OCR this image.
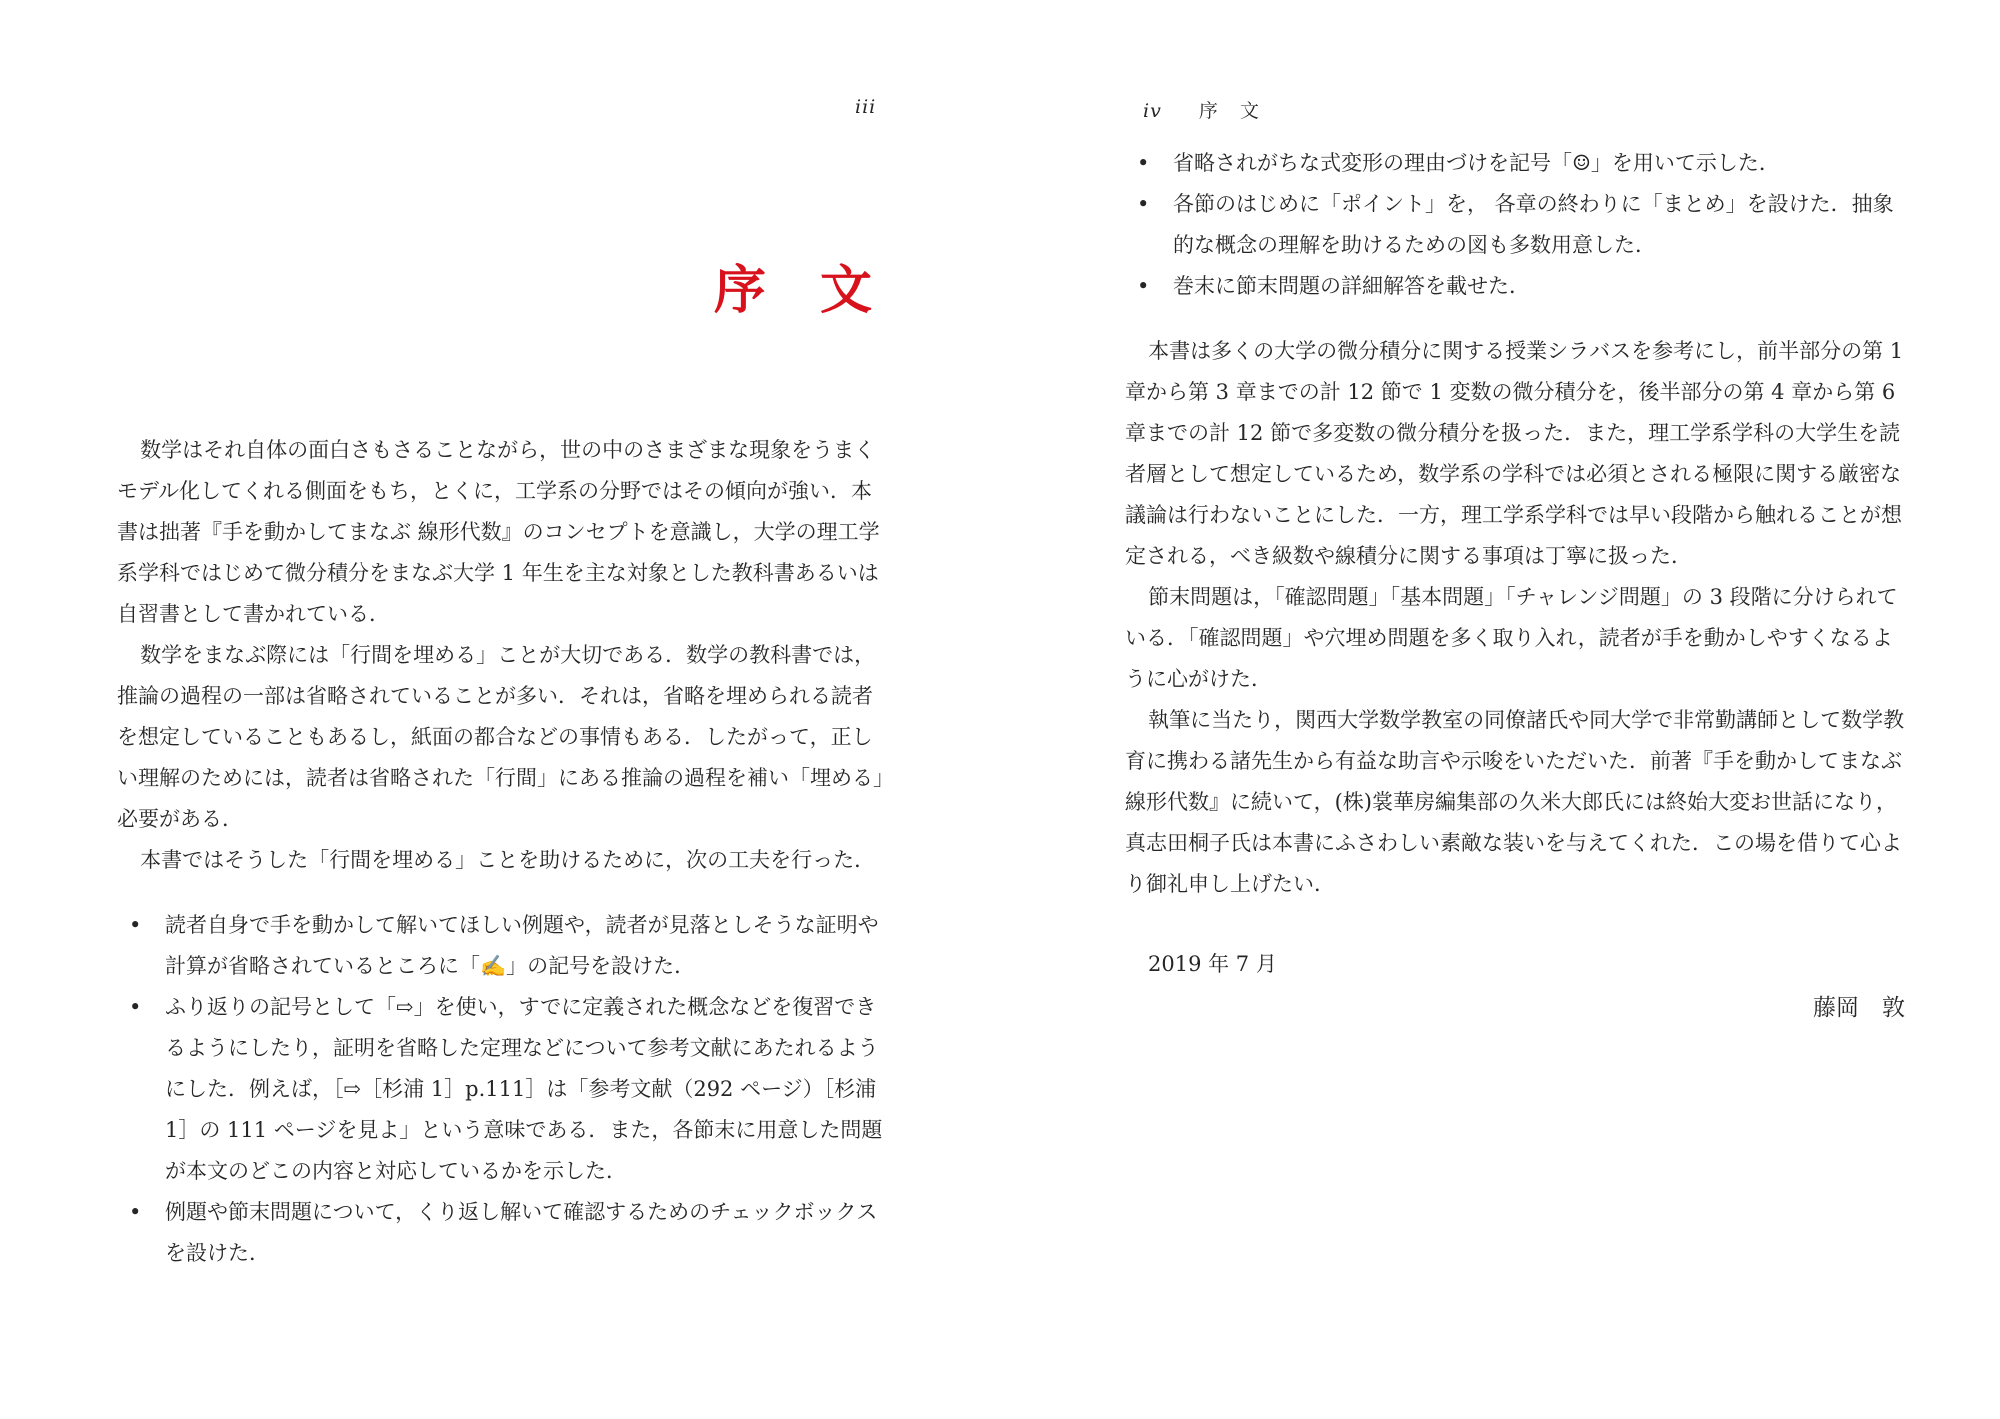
iii
序 文

数学はそれ自体の面白さもさることながら，世の中のさまざまな現象をうまくモデル化してくれる側面をもち，とくに，工学系の分野ではその傾向が強い．本書は拙著『手を動かしてまなぶ 線形代数』のコンセプトを意識し，大学の理工学系学科ではじめて微分積分をまなぶ大学 1 年生を主な対象とした教科書あるいは自習書として書かれている．

数学をまなぶ際には「行間を埋める」ことが大切である．数学の教科書では，推論の過程の一部は省略されていることが多い．それは，省略を埋められる読者を想定していることもあるし，紙面の都合などの事情もある．したがって，正しい理解のためには，読者は省略された「行間」にある推論の過程を補い「埋める」必要がある．

本書ではそうした「行間を埋める」ことを助けるために，次の工夫を行った．

• 読者自身で手を動かして解いてほしい例題や，読者が見落としそうな証明や計算が省略されているところに「✍」の記号を設けた．
• ふり返りの記号として「⇨」を使い，すでに定義された概念などを復習できるようにしたり，証明を省略した定理などについて参考文献にあたれるようにした．例えば，［⇨［杉浦 1］p.111］は「参考文献（292 ページ）［杉浦 1］の 111 ページを見よ」という意味である．また，各節末に用意した問題が本文のどこの内容と対応しているかを示した．
• 例題や節末問題について，くり返し解いて確認するためのチェックボックスを設けた．
iv 序 文
• 省略されがちな式変形の理由づけを記号「☺」を用いて示した．
• 各節のはじめに「ポイント」を， 各章の終わりに「まとめ」を設けた．抽象的な概念の理解を助けるための図も多数用意した．
• 巻末に節末問題の詳細解答を載せた．

本書は多くの大学の微分積分に関する授業シラバスを参考にし，前半部分の第 1 章から第 3 章までの計 12 節で 1 変数の微分積分を，後半部分の第 4 章から第 6 章までの計 12 節で多変数の微分積分を扱った．また，理工学系学科の大学生を読者層として想定しているため，数学系の学科では必須とされる極限に関する厳密な議論は行わないことにした．一方，理工学系学科では早い段階から触れることが想定される，べき級数や線積分に関する事項は丁寧に扱った．

節末問題は，「確認問題」「基本問題」「チャレンジ問題」の 3 段階に分けられている．「確認問題」や穴埋め問題を多く取り入れ，読者が手を動かしやすくなるように心がけた．

執筆に当たり，関西大学数学教室の同僚諸氏や同大学で非常勤講師として数学教育に携わる諸先生から有益な助言や示唆をいただいた．前著『手を動かしてまなぶ 線形代数』に続いて，(株)裳華房編集部の久米大郎氏には終始大変お世話になり，真志田桐子氏は本書にふさわしい素敵な装いを与えてくれた．この場を借りて心より御礼申し上げたい．

2019 年 7 月
藤岡　敦
